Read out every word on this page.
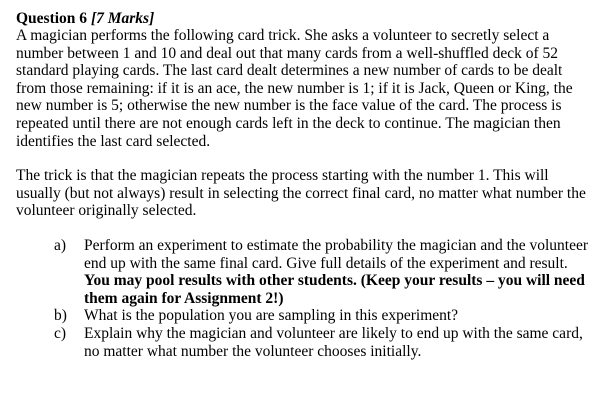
Question 6 [7 Marks]

A magician performs the following card trick. She asks a volunteer to secretly select a number between 1 and 10 and deal out that many cards from a well-shuffled deck of 52 standard playing cards. The last card dealt determines a new number of cards to be dealt from those remaining: if it is an ace, the new number is 1; if it is Jack, Queen or King, the new number is 5; otherwise the new number is the face value of the card. The process is repeated until there are not enough cards left in the deck to continue. The magician then identifies the last card selected.

The trick is that the magician repeats the process starting with the number 1. This will usually (but not always) result in selecting the correct final card, no matter what number the volunteer originally selected.

a) Perform an experiment to estimate the probability the magician and the volunteer end up with the same final card. Give full details of the experiment and result. You may pool results with other students. (Keep your results – you will need them again for Assignment 2!)
b) What is the population you are sampling in this experiment?
c) Explain why the magician and volunteer are likely to end up with the same card, no matter what number the volunteer chooses initially.
